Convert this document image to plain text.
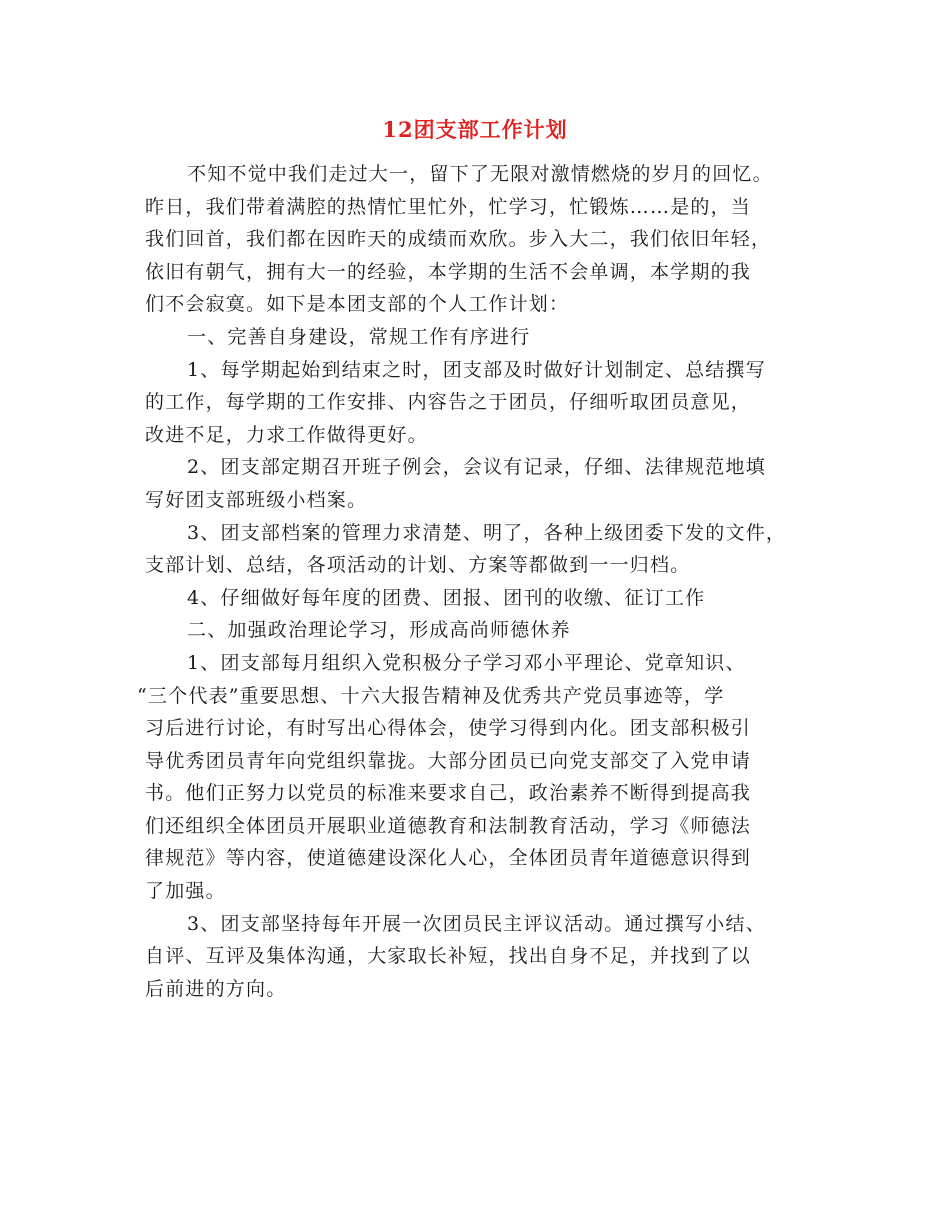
12团支部工作计划
不知不觉中我们走过大一，留下了无限对激情燃烧的岁月的回忆。
昨日，我们带着满腔的热情忙里忙外，忙学习，忙锻炼……是的，当
我们回首，我们都在因昨天的成绩而欢欣。步入大二，我们依旧年轻，
依旧有朝气，拥有大一的经验，本学期的生活不会单调，本学期的我
们不会寂寞。如下是本团支部的个人工作计划：
一、完善自身建设，常规工作有序进行
1、每学期起始到结束之时，团支部及时做好计划制定、总结撰写
的工作，每学期的工作安排、内容告之于团员，仔细听取团员意见，
改进不足，力求工作做得更好。
2、团支部定期召开班子例会，会议有记录，仔细、法律规范地填
写好团支部班级小档案。
3、团支部档案的管理力求清楚、明了，各种上级团委下发的文件，
支部计划、总结，各项活动的计划、方案等都做到一一归档。
4、仔细做好每年度的团费、团报、团刊的收缴、征订工作
二、加强政治理论学习，形成高尚师德休养
1、团支部每月组织入党积极分子学习邓小平理论、党章知识、
“三个代表”重要思想、十六大报告精神及优秀共产党员事迹等，学
习后进行讨论，有时写出心得体会，使学习得到内化。团支部积极引
导优秀团员青年向党组织靠拢。大部分团员已向党支部交了入党申请
书。他们正努力以党员的标准来要求自己，政治素养不断得到提高我
们还组织全体团员开展职业道德教育和法制教育活动，学习《师德法
律规范》等内容，使道德建设深化人心，全体团员青年道德意识得到
了加强。
3、团支部坚持每年开展一次团员民主评议活动。通过撰写小结、
自评、互评及集体沟通，大家取长补短，找出自身不足，并找到了以
后前进的方向。
